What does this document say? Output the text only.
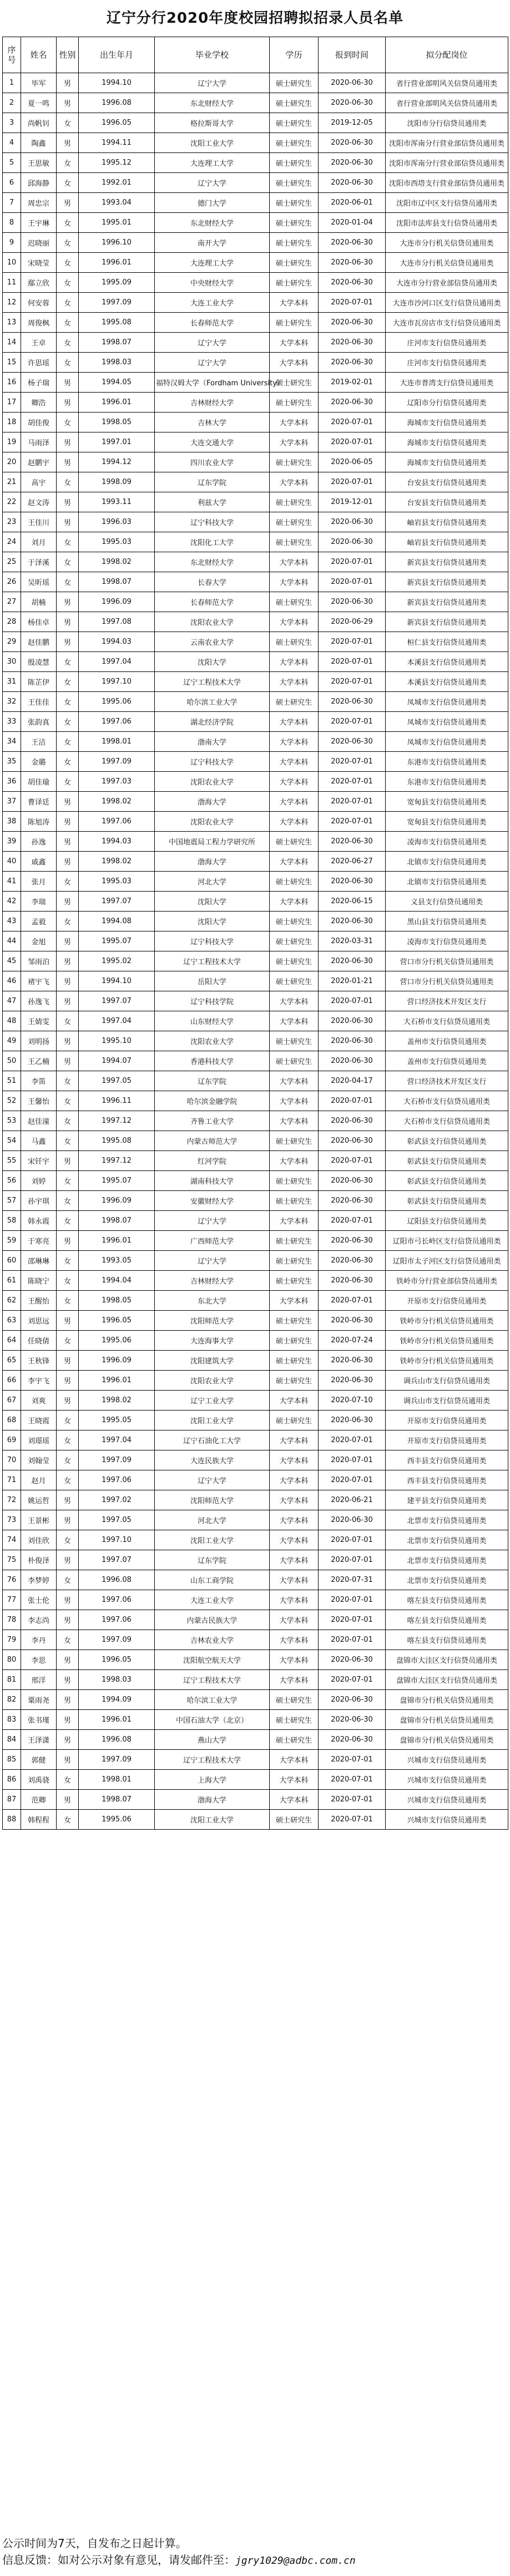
辽宁分行2020年度校园招聘拟招录人员名单
序号	姓名	性别	出生年月	毕业学校	学历	报到时间	拟分配岗位
1	毕军	男	1994.10	辽宁大学	硕士研究生	2020-06-30	省行营业部明风关信贷员通用类
2	夏一鸣	男	1996.08	东北财经大学	硕士研究生	2020-06-30	省行营业部明风关信贷员通用类
3	尚帆钊	女	1996.05	格拉斯哥大学	硕士研究生	2019-12-05	沈阳市分行信贷员通用类
4	陶鑫	男	1994.11	沈阳工业大学	硕士研究生	2020-06-30	沈阳市浑南分行营业部信贷员通用类
5	王思敏	女	1995.12	大连理工大学	硕士研究生	2020-06-30	沈阳市浑南分行营业部信贷员通用类
6	邱海静	女	1992.01	辽宁大学	硕士研究生	2020-06-30	沈阳市西塔支行营业部信贷员通用类
7	周忠宗	男	1993.04	德门大学	硕士研究生	2020-06-01	沈阳市辽中区支行信贷员通用类
8	王宇琳	女	1995.01	东北财经大学	硕士研究生	2020-01-04	沈阳市法库县支行信贷员通用类
9	迟晓丽	女	1996.10	南开大学	硕士研究生	2020-06-30	大连市分行机关信贷员通用类
10	宋晓莹	女	1996.01	大连理工大学	硕士研究生	2020-06-30	大连市分行机关信贷员通用类
11	鄢立欣	女	1995.09	中央财经大学	硕士研究生	2020-06-30	大连市分行营业部信贷员通用类
12	何安蓉	女	1997.09	大连工业大学	大学本科	2020-07-01	大连市沙河口区支行信贷员通用类
13	周俊枫	女	1995.08	长春师范大学	硕士研究生	2020-06-30	大连市瓦房店市支行信贷员通用类
14	王卓	女	1998.07	辽宁大学	大学本科	2020-06-30	庄河市支行信贷员通用类
15	许思瑶	女	1998.03	辽宁大学	大学本科	2020-06-30	庄河市支行信贷员通用类
16	杨子瑞	男	1994.05	福特汉姆大学（Fordham University）	硕士研究生	2019-02-01	大连市普湾支行信贷员通用类
17	卿浩	男	1996.01	吉林财经大学	硕士研究生	2020-06-30	辽阳市分行信贷员通用类
18	胡佳俊	女	1998.05	吉林大学	大学本科	2020-07-01	海城市支行信贷员通用类
19	马雨泽	男	1997.01	大连交通大学	大学本科	2020-07-01	海城市支行信贷员通用类
20	赵鹏宇	男	1994.12	四川农业大学	硕士研究生	2020-06-05	海城市支行信贷员通用类
21	高宇	女	1998.09	辽东学院	大学本科	2020-07-01	台安县支行信贷员通用类
22	赵文涛	男	1993.11	利兹大学	硕士研究生	2019-12-01	台安县支行信贷员通用类
23	王佳川	男	1996.03	辽宁科技大学	硕士研究生	2020-06-30	岫岩县支行信贷员通用类
24	刘月	女	1995.03	沈阳化工大学	硕士研究生	2020-06-30	岫岩县支行信贷员通用类
25	于泽溪	女	1998.02	东北财经大学	大学本科	2020-07-01	新宾县支行信贷员通用类
26	吴昕瑶	女	1998.07	长春大学	大学本科	2020-07-01	新宾县支行信贷员通用类
27	胡楠	男	1996.09	长春师范大学	硕士研究生	2020-06-30	新宾县支行信贷员通用类
28	杨佳卓	男	1997.08	沈阳农业大学	大学本科	2020-06-29	新宾县支行信贷员通用类
29	赵佳鹏	男	1994.03	云南农业大学	硕士研究生	2020-07-01	桓仁县支行信贷员通用类
30	殷凌慧	女	1997.04	沈阳大学	大学本科	2020-07-01	本溪县支行信贷员通用类
31	陈芷伊	女	1997.10	辽宁工程技术大学	大学本科	2020-07-01	本溪县支行信贷员通用类
32	王佳佳	女	1995.06	哈尔滨工业大学	硕士研究生	2020-06-30	凤城市支行信贷员通用类
33	张韵真	女	1997.06	湖北经济学院	大学本科	2020-07-01	凤城市支行信贷员通用类
34	王洁	女	1998.01	渤南大学	大学本科	2020-06-30	凤城市支行信贷员通用类
35	金璐	女	1997.09	辽宁科技大学	大学本科	2020-07-01	东港市支行信贷员通用类
36	胡佳瑜	女	1997.03	沈阳农业大学	大学本科	2020-07-01	东港市支行信贷员通用类
37	曹译廷	男	1998.02	渤海大学	大学本科	2020-07-01	宽甸县支行信贷员通用类
38	陈旭涛	男	1997.06	沈阳农业大学	大学本科	2020-07-01	宽甸县支行信贷员通用类
39	孙逸	男	1994.03	中国地震局工程力学研究所	硕士研究生	2020-06-30	凌海市支行信贷员通用类
40	戚鑫	男	1998.02	渤海大学	大学本科	2020-06-27	北镇市支行信贷员通用类
41	张月	女	1995.03	河北大学	硕士研究生	2020-06-30	北镇市支行信贷员通用类
42	李瑞	男	1997.07	沈阳大学	大学本科	2020-06-15	义县支行信贷员通用类
43	孟毅	女	1994.08	沈阳大学	硕士研究生	2020-06-30	黑山县支行信贷员通用类
44	金旭	男	1995.07	辽宁科技大学	硕士研究生	2020-03-31	凌海市支行信贷员通用类
45	邹雨泊	男	1995.02	辽宁工程技术大学	硕士研究生	2020-06-30	营口市分行机关信贷员通用类
46	褚宇飞	男	1994.10	岳阳大学	硕士研究生	2020-01-21	营口市分行机关信贷员通用类
47	孙逸飞	男	1997.07	辽宁科技学院	大学本科	2020-07-01	营口经济技术开发区支行
48	王婧雯	女	1997.04	山东财经大学	大学本科	2020-06-30	大石桥市支行信贷员通用类
49	刘明扬	男	1995.10	沈阳农业大学	硕士研究生	2020-06-30	盖州市支行信贷员通用类
50	王乙楠	男	1994.07	香港科技大学	硕士研究生	2020-06-30	盖州市支行信贷员通用类
51	李笛	女	1997.05	辽东学院	大学本科	2020-04-17	营口经济技术开发区支行
52	王馨怡	女	1996.11	哈尔滨金融学院	大学本科	2020-07-01	大石桥市支行信贷员通用类
53	赵佳潼	女	1997.12	齐鲁工业大学	大学本科	2020-06-30	大石桥市支行信贷员通用类
54	马鑫	女	1995.08	内蒙古师范大学	硕士研究生	2020-06-30	彰武县支行信贷员通用类
55	宋钎宇	男	1997.12	红河学院	大学本科	2020-07-01	彰武县支行信贷员通用类
56	刘婷	女	1995.07	湖南科技大学	硕士研究生	2020-06-30	彰武县支行信贷员通用类
57	孙宇琪	女	1996.09	安徽财经大学	硕士研究生	2020-06-30	彰武县支行信贷员通用类
58	韩永霞	女	1998.07	辽宁大学	大学本科	2020-07-01	辽阳县支行信贷员通用类
59	于寒亮	男	1996.01	广西师范大学	硕士研究生	2020-06-30	辽阳市弓长岭区支行信贷员通用类
60	邵琳琳	女	1993.05	辽宁大学	硕士研究生	2020-06-30	辽阳市太子河区支行信贷员通用类
61	陈晓宁	女	1994.04	吉林财经大学	硕士研究生	2020-06-30	铁岭市分行营业部信贷员通用类
62	王醒怡	女	1998.05	东北大学	大学本科	2020-07-01	开原市支行信贷员通用类
63	刘思远	男	1996.05	沈阳师范大学	硕士研究生	2020-06-30	铁岭市分行机关信贷员通用类
64	任晓倩	女	1995.06	大连海事大学	硕士研究生	2020-07-24	铁岭市分行机关信贷员通用类
65	王秋锋	男	1996.09	沈阳建筑大学	硕士研究生	2020-06-30	铁岭市分行机关信贷员通用类
66	李宇飞	男	1996.01	沈阳农业大学	硕士研究生	2020-06-30	调兵山市支行信贷员通用类
67	刘爽	男	1998.02	辽宁工业大学	大学本科	2020-07-10	调兵山市支行信贷员通用类
68	王晓霞	女	1995.05	沈阳工业大学	硕士研究生	2020-06-30	开原市支行信贷员通用类
69	刘璟瑶	女	1997.04	辽宁石油化工大学	大学本科	2020-07-01	开原市支行信贷员通用类
70	刘翰莹	女	1997.09	大连民族大学	大学本科	2020-07-01	西丰县支行信贷员通用类
71	赵月	女	1997.06	辽宁大学	大学本科	2020-07-01	西丰县支行信贷员通用类
72	姚运哲	男	1997.02	沈阳师范大学	大学本科	2020-06-21	建平县支行信贷员通用类
73	王景彬	男	1997.05	河北大学	大学本科	2020-06-30	北票市支行信贷员通用类
74	刘佳欣	女	1997.10	沈阳工业大学	大学本科	2020-07-01	北票市支行信贷员通用类
75	朴俊泽	男	1997.07	辽东学院	大学本科	2020-07-01	北票市支行信贷员通用类
76	李梦婷	女	1996.08	山东工商学院	大学本科	2020-07-31	北票市支行信贷员通用类
77	张士伦	男	1997.06	大连工业大学	大学本科	2020-07-01	喀左县支行信贷员通用类
78	李志尚	男	1997.06	内蒙古民族大学	大学本科	2020-07-01	喀左县支行信贷员通用类
79	李丹	女	1997.09	吉林农业大学	大学本科	2020-07-01	喀左县支行信贷员通用类
80	李思	男	1996.05	沈阳航空航天大学	大学本科	2020-06-30	盘锦市大洼区支行信贷员通用类
81	邢洋	男	1998.03	辽宁工程技术大学	大学本科	2020-07-01	盘锦市大洼区支行信贷员通用类
82	粟雨尧	男	1994.09	哈尔滨工业大学	硕士研究生	2020-06-30	盘锦市分行机关信贷员通用类
83	张书瑾	男	1996.01	中国石油大学（北京）	硕士研究生	2020-06-30	盘锦市分行机关信贷员通用类
84	王泽潇	男	1996.08	燕山大学	硕士研究生	2020-06-30	盘锦市分行机关信贷员通用类
85	郭健	男	1997.09	辽宁工程技术大学	大学本科	2020-07-01	兴城市支行信贷员通用类
86	刘禹骁	女	1998.01	上海大学	大学本科	2020-07-01	兴城市支行信贷员通用类
87	范卿	男	1998.07	渤海大学	大学本科	2020-07-01	兴城市支行信贷员通用类
88	韩程程	女	1995.06	沈阳工业大学	硕士研究生	2020-07-01	兴城市支行信贷员通用类
公示时间为7天，自发布之日起计算。
信息反馈：如对公示对象有意见，请发邮件至：jgry1029@adbc.com.cn
